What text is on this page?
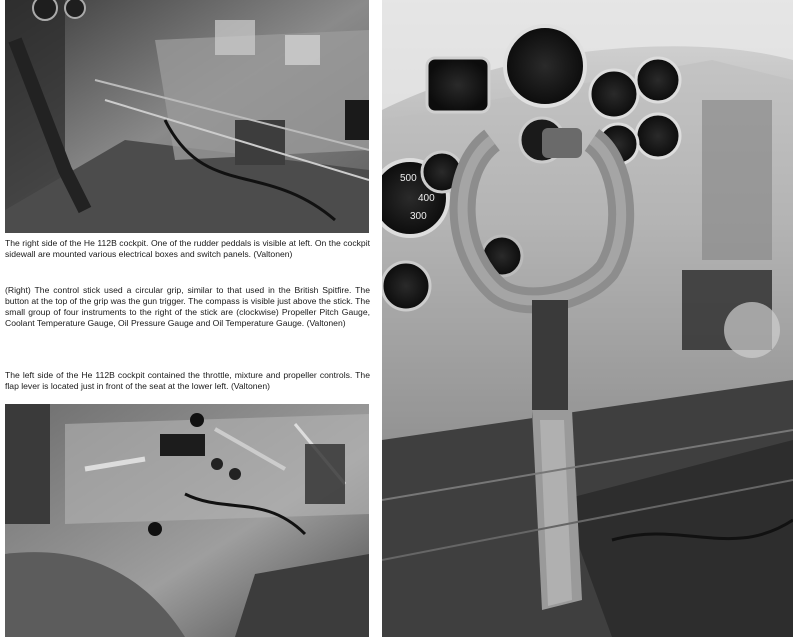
The right side of the He 112B cockpit. One of the rudder peddals is visible at left. On the cockpit sidewall are mounted various electrical boxes and switch panels. (Valtonen)

(Right) The control stick used a circular grip, similar to that used in the British Spitfire. The button at the top of the grip was the gun trigger. The compass is visible just above the stick. The small group of four instruments to the right of the stick are (clockwise) Propeller Pitch Gauge, Coolant Temperature Gauge, Oil Pressure Gauge and Oil Temperature Gauge. (Valtonen)

The left side of the He 112B cockpit contained the throttle, mixture and propeller controls. The flap lever is located just in front of the seat at the lower left. (Valtonen)

500
400
300
